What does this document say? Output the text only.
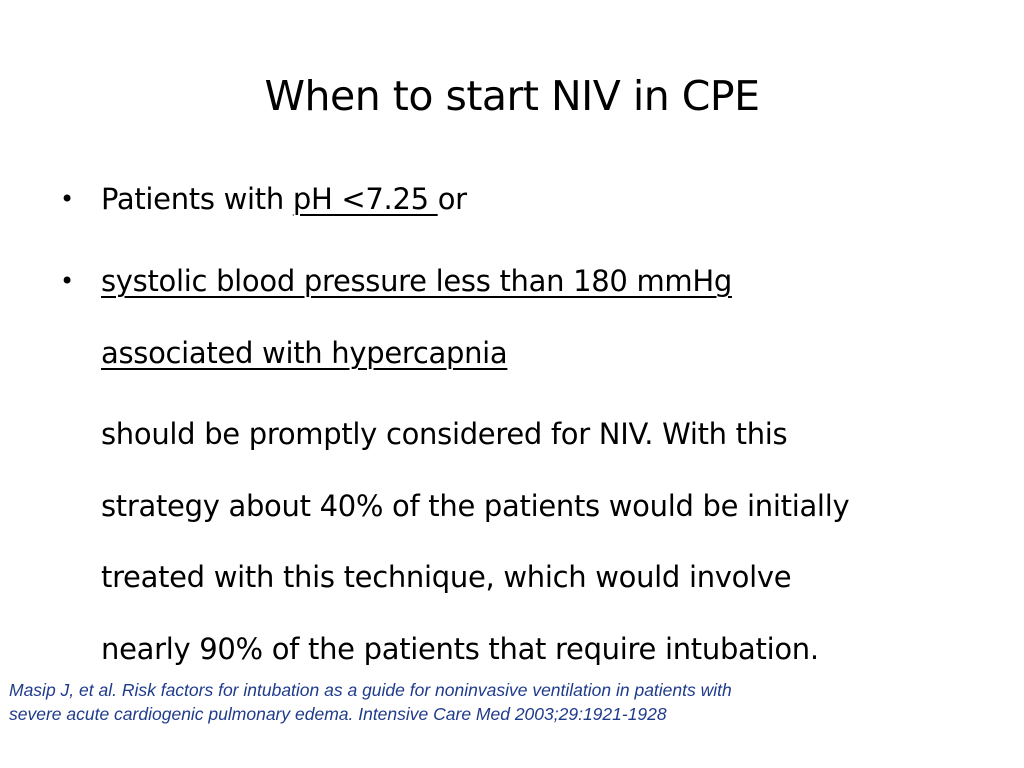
When to start NIV in CPE
• Patients with pH <7.25 or
• systolic blood pressure less than 180 mmHg
associated with hypercapnia
should be promptly considered for NIV. With this
strategy about 40% of the patients would be initially
treated with this technique, which would involve
nearly 90% of the patients that require intubation.
Masip J, et al. Risk factors for intubation as a guide for noninvasive ventilation in patients with
severe acute cardiogenic pulmonary edema. Intensive Care Med 2003;29:1921-1928
